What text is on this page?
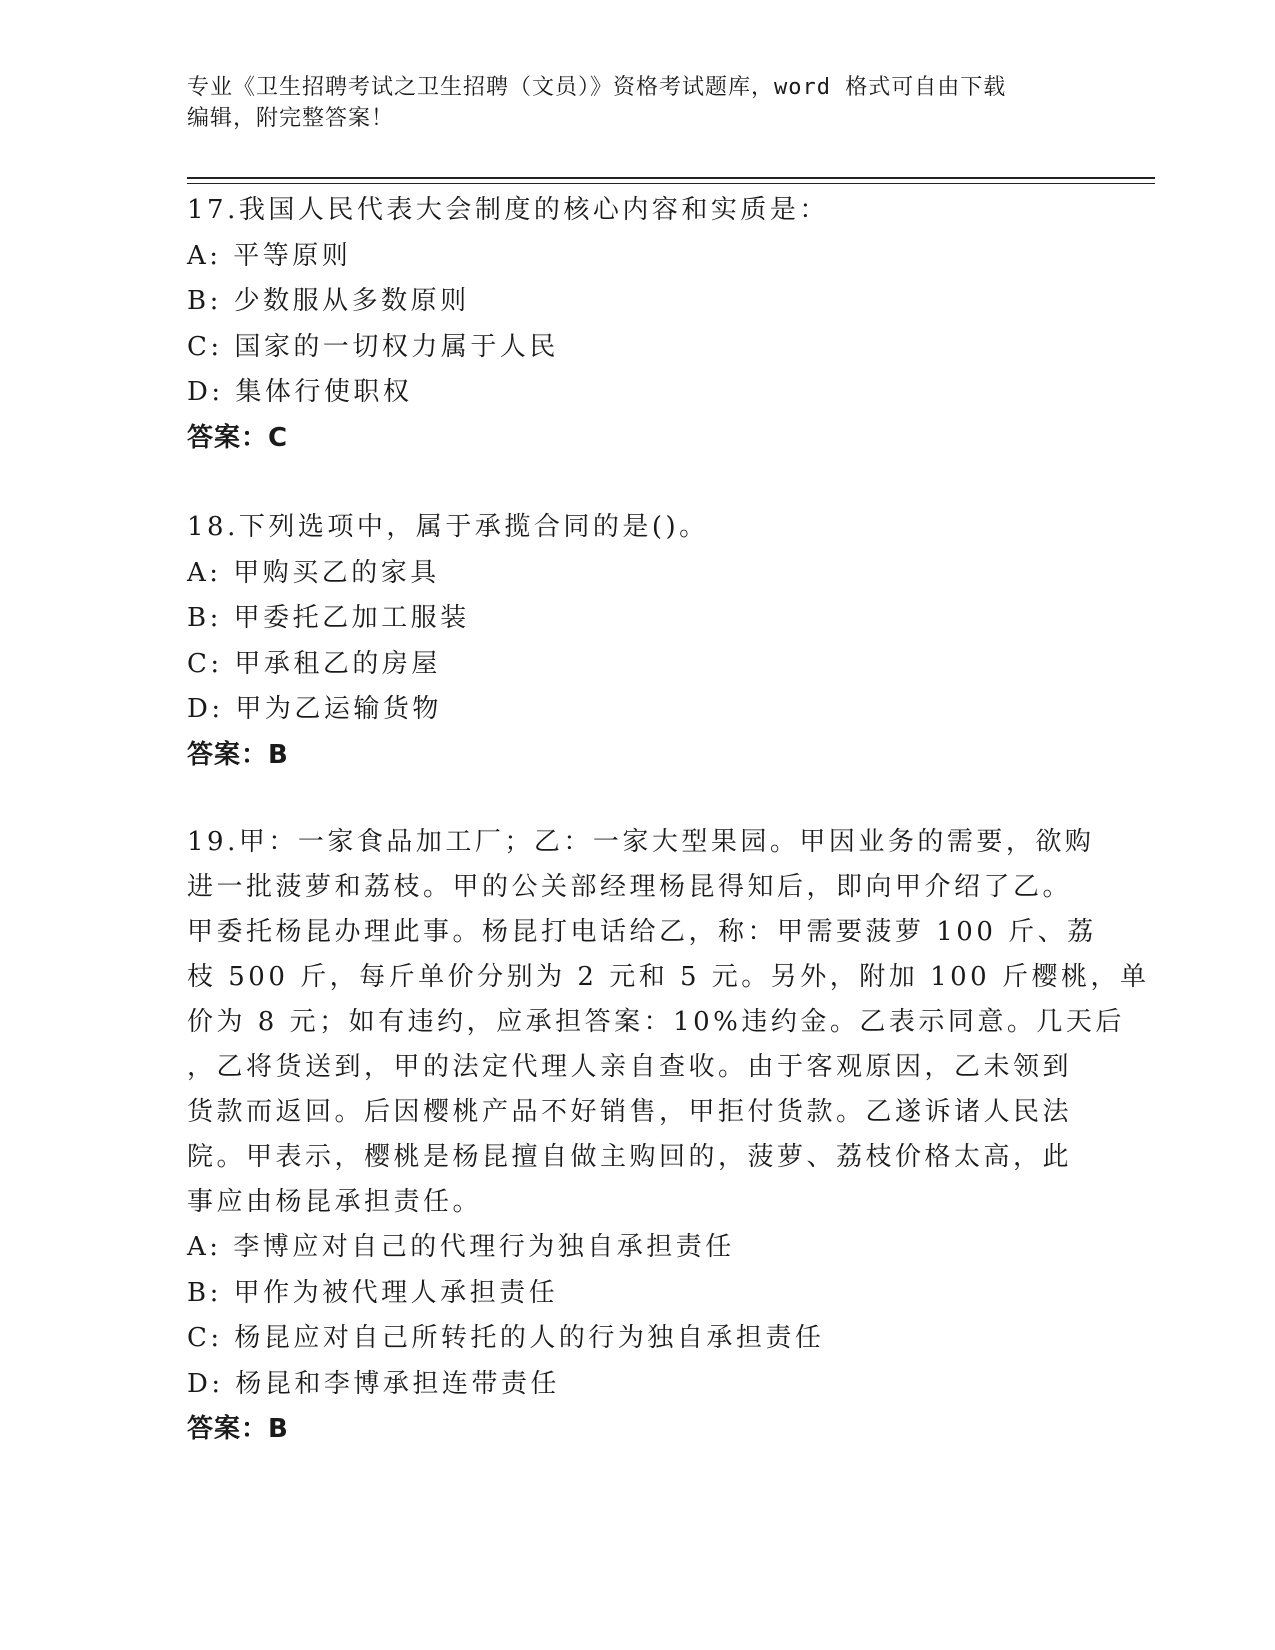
专业《卫生招聘考试之卫生招聘（文员）》资格考试题库，word 格式可自由下载
编辑，附完整答案！
17.我国人民代表大会制度的核心内容和实质是：
A: 平等原则
B: 少数服从多数原则
C: 国家的一切权力属于人民
D: 集体行使职权
答案：C
18.下列选项中，属于承揽合同的是()。
A: 甲购买乙的家具
B: 甲委托乙加工服装
C: 甲承租乙的房屋
D: 甲为乙运输货物
答案：B
19.甲：一家食品加工厂；乙：一家大型果园。甲因业务的需要，欲购
进一批菠萝和荔枝。甲的公关部经理杨昆得知后，即向甲介绍了乙。
甲委托杨昆办理此事。杨昆打电话给乙，称：甲需要菠萝 100 斤、荔
枝 500 斤，每斤单价分别为 2 元和 5 元。另外，附加 100 斤樱桃，单
价为 8 元；如有违约，应承担答案：10%违约金。乙表示同意。几天后
，乙将货送到，甲的法定代理人亲自查收。由于客观原因，乙未领到
货款而返回。后因樱桃产品不好销售，甲拒付货款。乙遂诉诸人民法
院。甲表示，樱桃是杨昆擅自做主购回的，菠萝、荔枝价格太高，此
事应由杨昆承担责任。
A: 李博应对自己的代理行为独自承担责任
B: 甲作为被代理人承担责任
C: 杨昆应对自己所转托的人的行为独自承担责任
D: 杨昆和李博承担连带责任
答案：B
